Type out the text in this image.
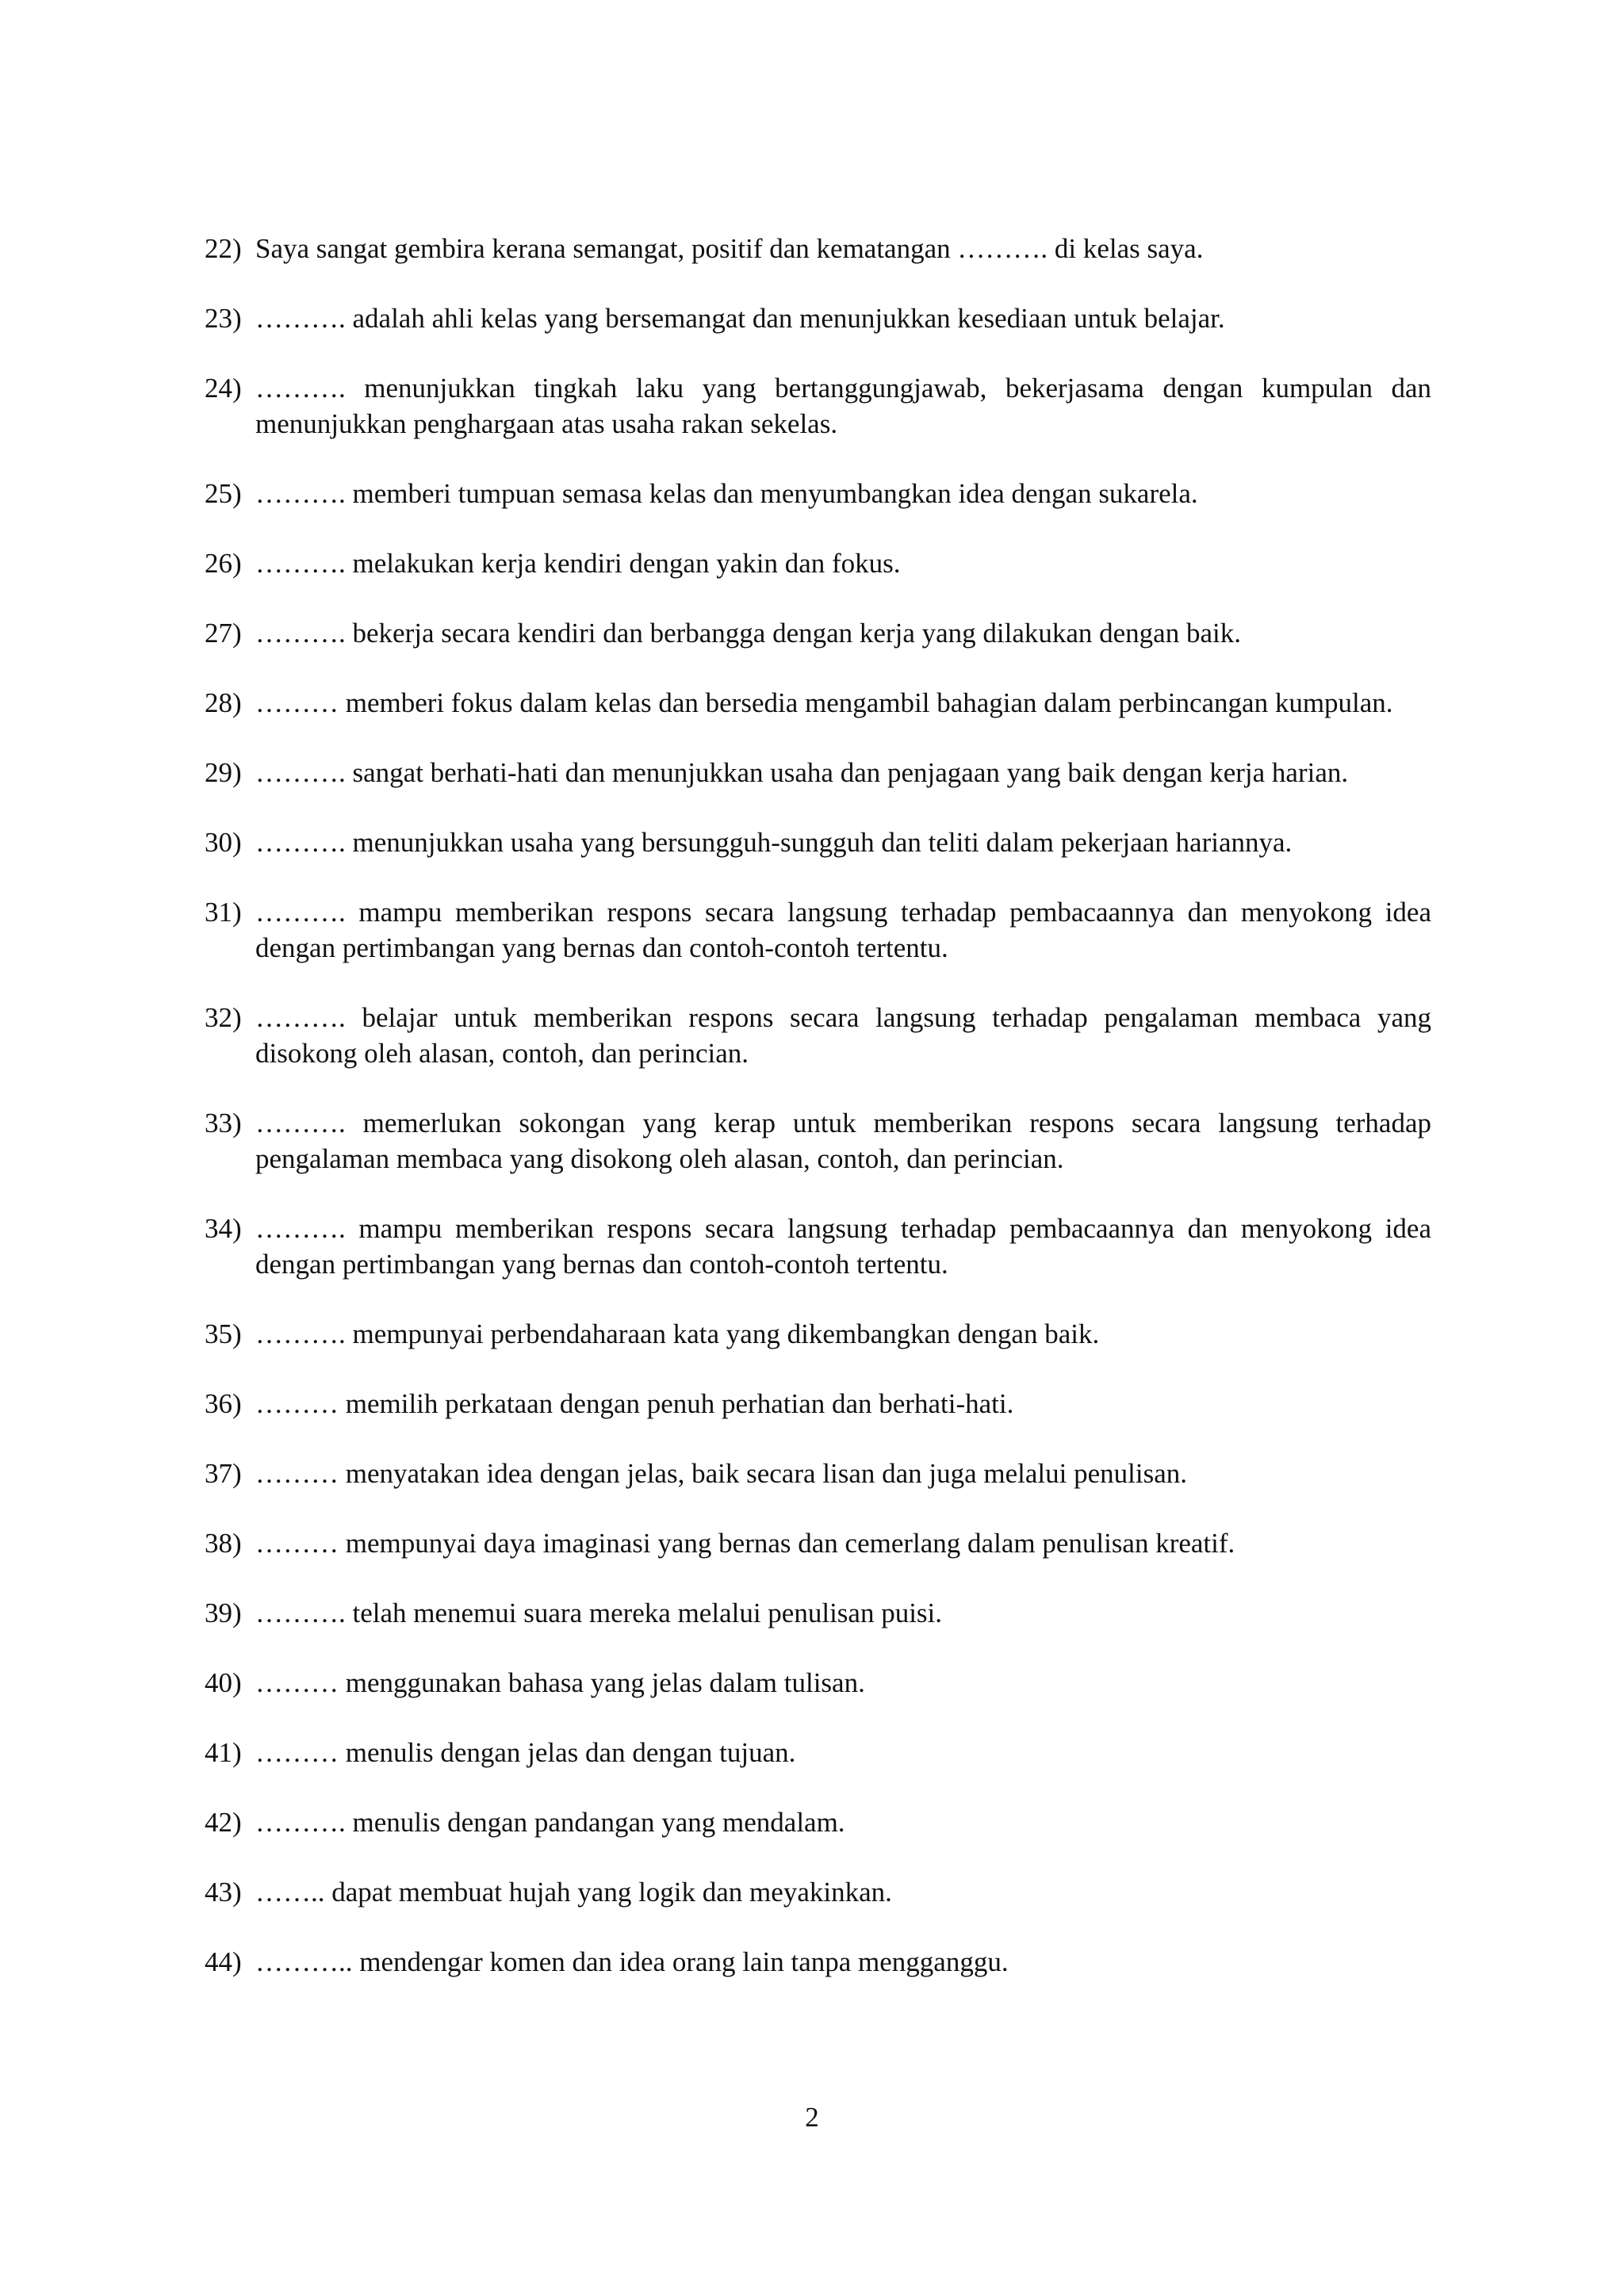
22) Saya sangat gembira kerana semangat, positif dan kematangan ………. di kelas saya.
23) ………. adalah ahli kelas yang bersemangat dan menunjukkan kesediaan untuk belajar.
24) ………. menunjukkan tingkah laku yang bertanggungjawab, bekerjasama dengan kumpulan dan menunjukkan penghargaan atas usaha rakan sekelas.
25) ………. memberi tumpuan semasa kelas dan menyumbangkan idea dengan sukarela.
26) ………. melakukan kerja kendiri dengan yakin dan fokus.
27) ………. bekerja secara kendiri dan berbangga dengan kerja yang dilakukan dengan baik.
28) ……… memberi fokus dalam kelas dan bersedia mengambil bahagian dalam perbincangan kumpulan.
29) ………. sangat berhati-hati dan menunjukkan usaha dan penjagaan yang baik dengan kerja harian.
30) ………. menunjukkan usaha yang bersungguh-sungguh dan teliti dalam pekerjaan hariannya.
31) ………. mampu memberikan respons secara langsung terhadap pembacaannya dan menyokong idea dengan pertimbangan yang bernas dan contoh-contoh tertentu.
32) ………. belajar untuk memberikan respons secara langsung terhadap pengalaman membaca yang disokong oleh alasan, contoh, dan perincian.
33) ………. memerlukan sokongan yang kerap untuk memberikan respons secara langsung terhadap pengalaman membaca yang disokong oleh alasan, contoh, dan perincian.
34) ………. mampu memberikan respons secara langsung terhadap pembacaannya dan menyokong idea dengan pertimbangan yang bernas dan contoh-contoh tertentu.
35) ………. mempunyai perbendaharaan kata yang dikembangkan dengan baik.
36) ……… memilih perkataan dengan penuh perhatian dan berhati-hati.
37) ……… menyatakan idea dengan jelas, baik secara lisan dan juga melalui penulisan.
38) ……… mempunyai daya imaginasi yang bernas dan cemerlang dalam penulisan kreatif.
39) ………. telah menemui suara mereka melalui penulisan puisi.
40) ……… menggunakan bahasa yang jelas dalam tulisan.
41) ……… menulis dengan jelas dan dengan tujuan.
42) ………. menulis dengan pandangan yang mendalam.
43) …….. dapat membuat hujah yang logik dan meyakinkan.
44) ……….. mendengar komen dan idea orang lain tanpa mengganggu.
2
